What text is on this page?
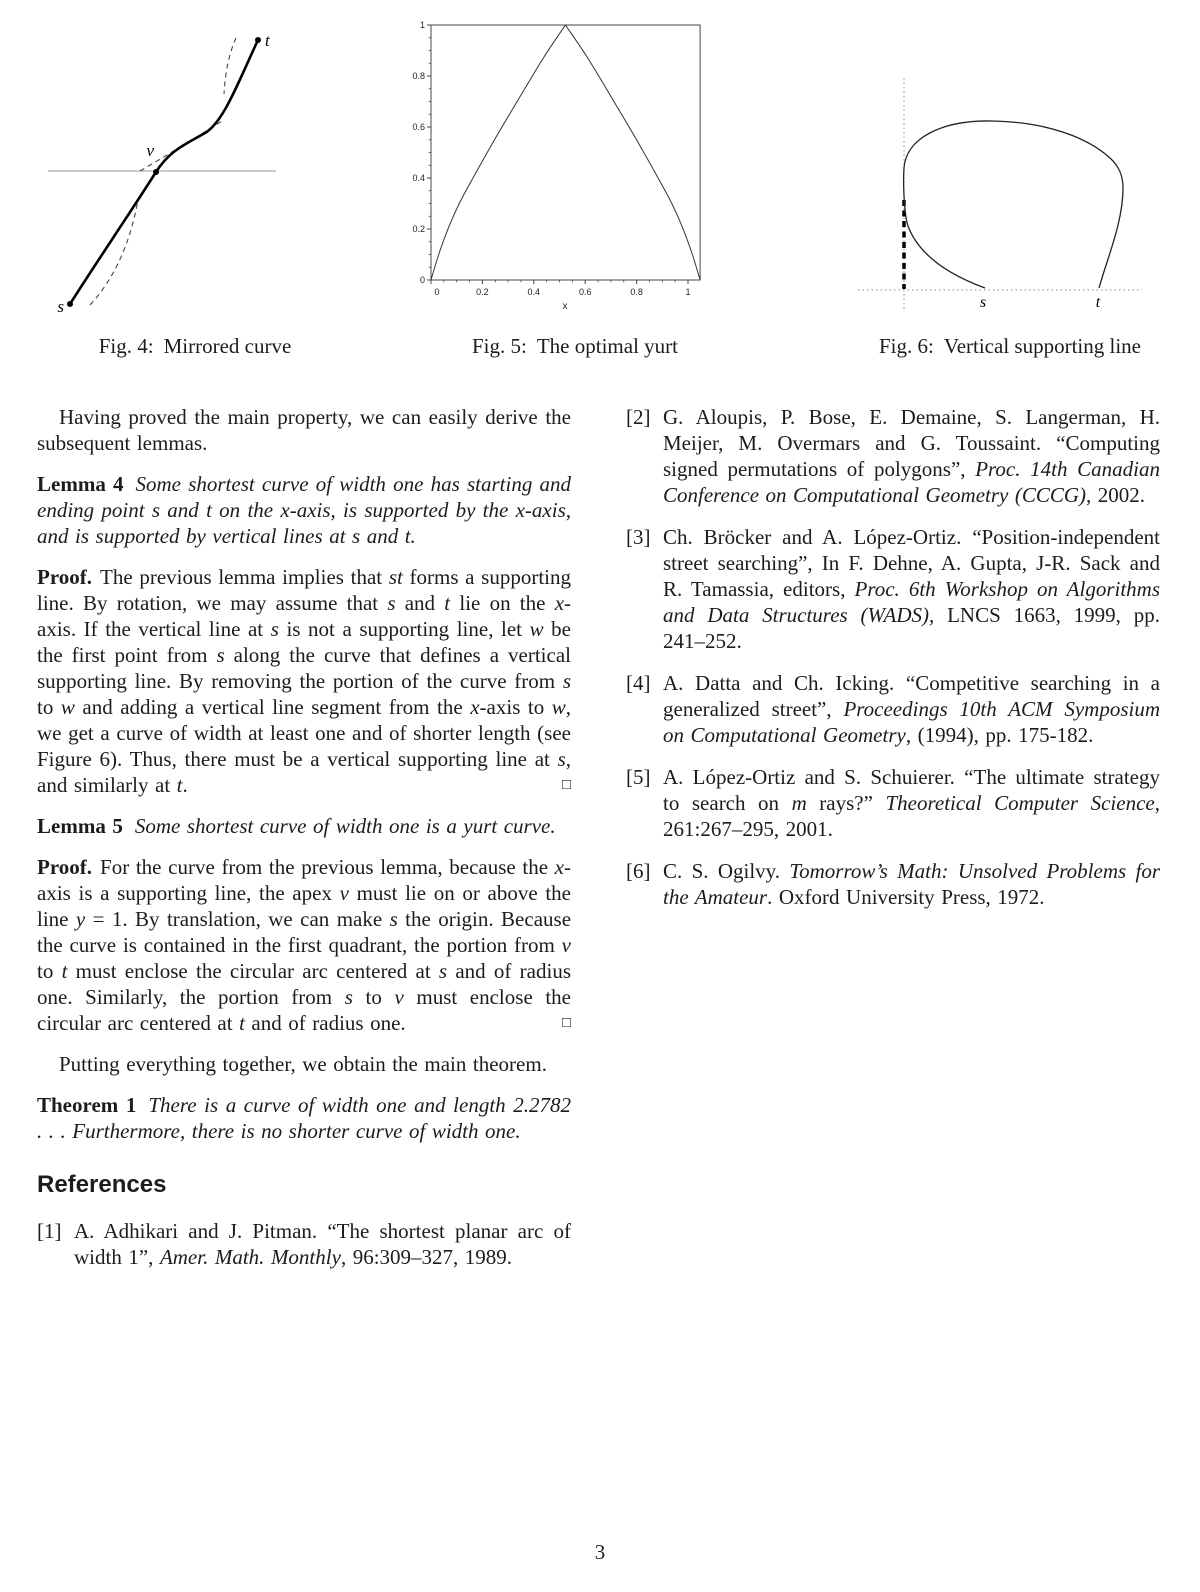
s
v
t
Fig. 4: Mirrored curve
0	0.2	0.4	0.6	0.8	1
0
0.2
0.4
0.6
0.8
1
x
Fig. 5: The optimal yurt
s	t
Fig. 6: Vertical supporting line

Having proved the main property, we can easily derive the subsequent lemmas.

Lemma 4 Some shortest curve of width one has starting and ending point s and t on the x-axis, is supported by the x-axis, and is supported by vertical lines at s and t.

Proof. The previous lemma implies that st forms a supporting line. By rotation, we may assume that s and t lie on the x-axis. If the vertical line at s is not a supporting line, let w be the first point from s along the curve that defines a vertical supporting line. By removing the portion of the curve from s to w and adding a vertical line segment from the x-axis to w, we get a curve of width at least one and of shorter length (see Figure 6). Thus, there must be a vertical supporting line at s, and similarly at t.	□

Lemma 5 Some shortest curve of width one is a yurt curve.

Proof. For the curve from the previous lemma, because the x-axis is a supporting line, the apex v must lie on or above the line y = 1. By translation, we can make s the origin. Because the curve is contained in the first quadrant, the portion from v to t must enclose the circular arc centered at s and of radius one. Similarly, the portion from s to v must enclose the circular arc centered at t and of radius one.	□

Putting everything together, we obtain the main theorem.

Theorem 1 There is a curve of width one and length 2.2782 . . . Furthermore, there is no shorter curve of width one.

References
[1] A. Adhikari and J. Pitman. “The shortest planar arc of width 1”, Amer. Math. Monthly, 96:309–327, 1989.
[2] G. Aloupis, P. Bose, E. Demaine, S. Langerman, H. Meijer, M. Overmars and G. Toussaint. “Computing signed permutations of polygons”, Proc. 14th Canadian Conference on Computational Geometry (CCCG), 2002.
[3] Ch. Bröcker and A. López-Ortiz. “Position-independent street searching”, In F. Dehne, A. Gupta, J-R. Sack and R. Tamassia, editors, Proc. 6th Workshop on Algorithms and Data Structures (WADS), LNCS 1663, 1999, pp. 241–252.
[4] A. Datta and Ch. Icking. “Competitive searching in a generalized street”, Proceedings 10th ACM Symposium on Computational Geometry, (1994), pp. 175-182.
[5] A. López-Ortiz and S. Schuierer. “The ultimate strategy to search on m rays?” Theoretical Computer Science, 261:267–295, 2001.
[6] C. S. Ogilvy. Tomorrow’s Math: Unsolved Problems for the Amateur. Oxford University Press, 1972.
3
